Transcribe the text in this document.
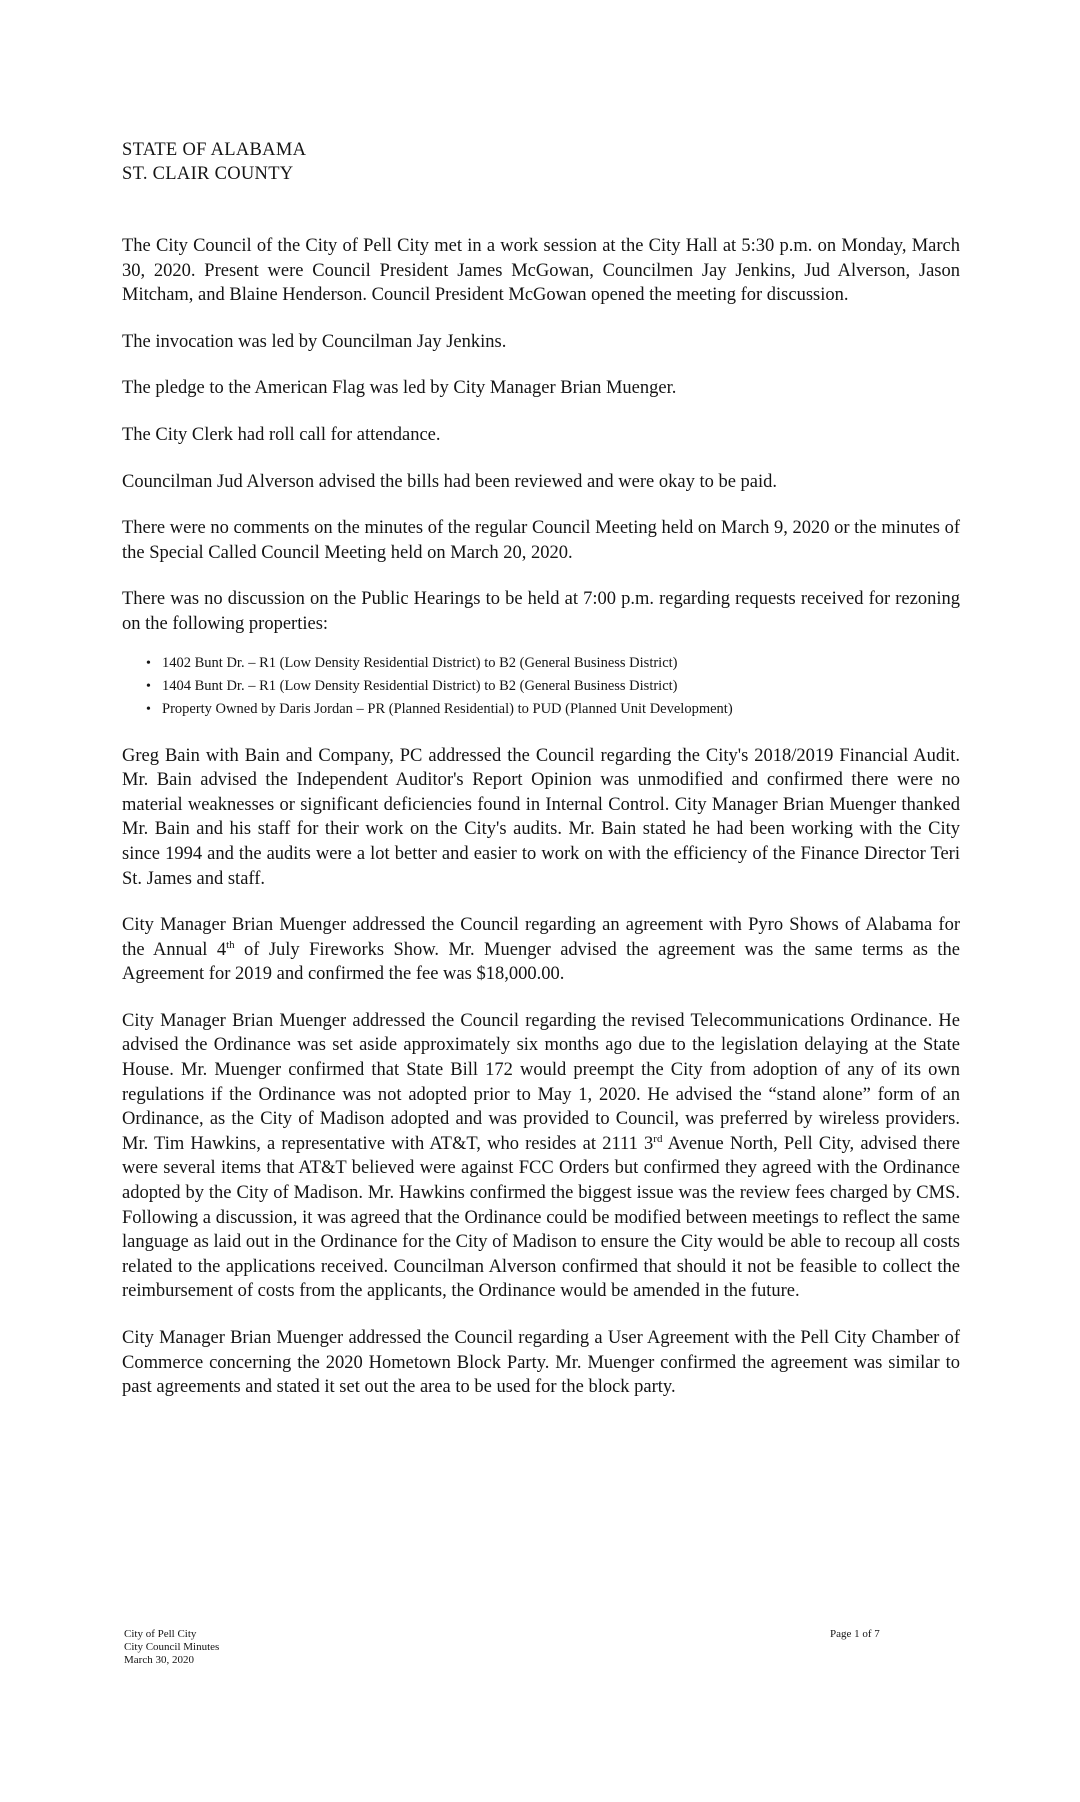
STATE OF ALABAMA
ST. CLAIR COUNTY

The City Council of the City of Pell City met in a work session at the City Hall at 5:30 p.m. on Monday, March 30, 2020. Present were Council President James McGowan, Councilmen Jay Jenkins, Jud Alverson, Jason Mitcham, and Blaine Henderson. Council President McGowan opened the meeting for discussion.

The invocation was led by Councilman Jay Jenkins.

The pledge to the American Flag was led by City Manager Brian Muenger.

The City Clerk had roll call for attendance.

Councilman Jud Alverson advised the bills had been reviewed and were okay to be paid.

There were no comments on the minutes of the regular Council Meeting held on March 9, 2020 or the minutes of the Special Called Council Meeting held on March 20, 2020.

There was no discussion on the Public Hearings to be held at 7:00 p.m. regarding requests received for rezoning on the following properties:

• 1402 Bunt Dr. – R1 (Low Density Residential District) to B2 (General Business District)
• 1404 Bunt Dr. – R1 (Low Density Residential District) to B2 (General Business District)
• Property Owned by Daris Jordan – PR (Planned Residential) to PUD (Planned Unit Development)

Greg Bain with Bain and Company, PC addressed the Council regarding the City's 2018/2019 Financial Audit. Mr. Bain advised the Independent Auditor's Report Opinion was unmodified and confirmed there were no material weaknesses or significant deficiencies found in Internal Control. City Manager Brian Muenger thanked Mr. Bain and his staff for their work on the City's audits. Mr. Bain stated he had been working with the City since 1994 and the audits were a lot better and easier to work on with the efficiency of the Finance Director Teri St. James and staff.

City Manager Brian Muenger addressed the Council regarding an agreement with Pyro Shows of Alabama for the Annual 4th of July Fireworks Show. Mr. Muenger advised the agreement was the same terms as the Agreement for 2019 and confirmed the fee was $18,000.00.

City Manager Brian Muenger addressed the Council regarding the revised Telecommunications Ordinance. He advised the Ordinance was set aside approximately six months ago due to the legislation delaying at the State House. Mr. Muenger confirmed that State Bill 172 would preempt the City from adoption of any of its own regulations if the Ordinance was not adopted prior to May 1, 2020. He advised the “stand alone” form of an Ordinance, as the City of Madison adopted and was provided to Council, was preferred by wireless providers. Mr. Tim Hawkins, a representative with AT&T, who resides at 2111 3rd Avenue North, Pell City, advised there were several items that AT&T believed were against FCC Orders but confirmed they agreed with the Ordinance adopted by the City of Madison. Mr. Hawkins confirmed the biggest issue was the review fees charged by CMS. Following a discussion, it was agreed that the Ordinance could be modified between meetings to reflect the same language as laid out in the Ordinance for the City of Madison to ensure the City would be able to recoup all costs related to the applications received. Councilman Alverson confirmed that should it not be feasible to collect the reimbursement of costs from the applicants, the Ordinance would be amended in the future.

City Manager Brian Muenger addressed the Council regarding a User Agreement with the Pell City Chamber of Commerce concerning the 2020 Hometown Block Party. Mr. Muenger confirmed the agreement was similar to past agreements and stated it set out the area to be used for the block party.

City of Pell City
City Council Minutes
March 30, 2020
Page 1 of 7
